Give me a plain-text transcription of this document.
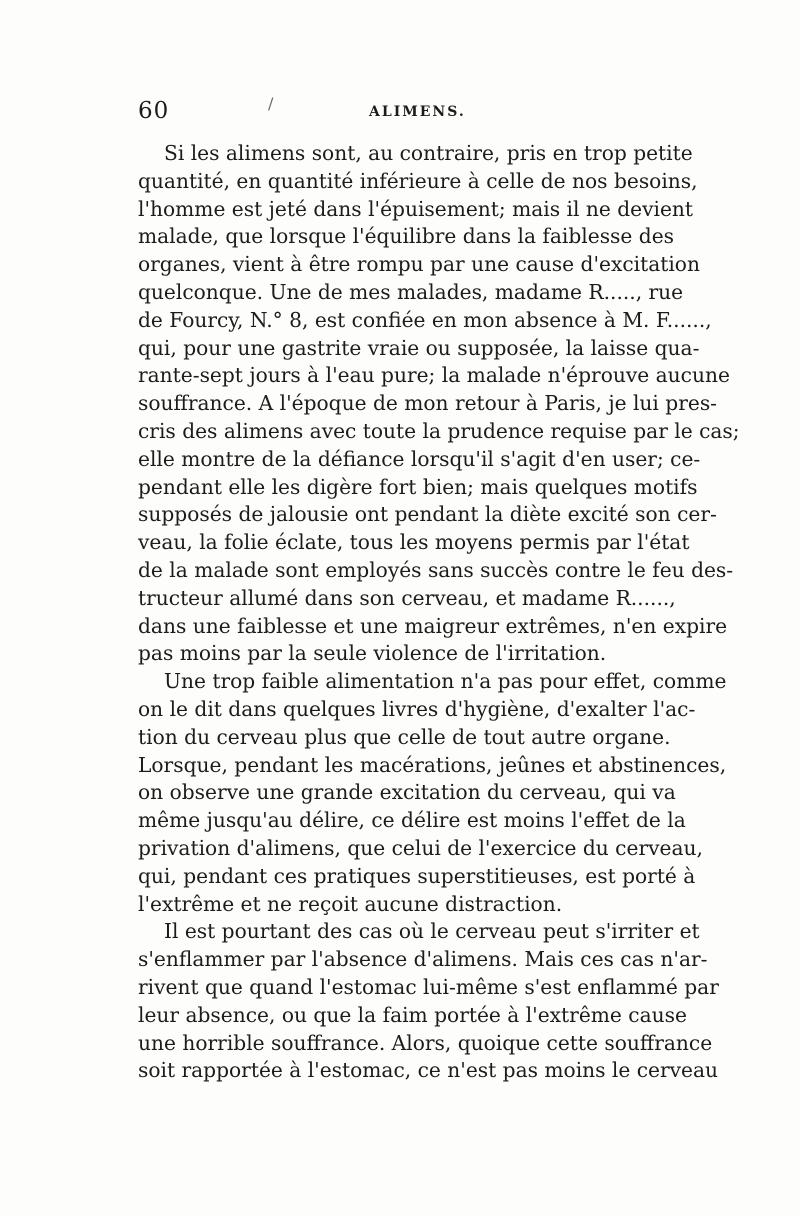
60	/	ALIMENS.
Si les alimens sont, au contraire, pris en trop petite
quantité, en quantité inférieure à celle de nos besoins,
l'homme est jeté dans l'épuisement; mais il ne devient
malade, que lorsque l'équilibre dans la faiblesse des
organes, vient à être rompu par une cause d'excitation
quelconque. Une de mes malades, madame R....., rue
de Fourcy, N.° 8, est confiée en mon absence à M. F......,
qui, pour une gastrite vraie ou supposée, la laisse qua-
rante-sept jours à l'eau pure; la malade n'éprouve aucune
souffrance. A l'époque de mon retour à Paris, je lui pres-
cris des alimens avec toute la prudence requise par le cas;
elle montre de la défiance lorsqu'il s'agit d'en user; ce-
pendant elle les digère fort bien; mais quelques motifs
supposés de jalousie ont pendant la diète excité son cer-
veau, la folie éclate, tous les moyens permis par l'état
de la malade sont employés sans succès contre le feu des-
tructeur allumé dans son cerveau, et madame R......,
dans une faiblesse et une maigreur extrêmes, n'en expire
pas moins par la seule violence de l'irritation.
Une trop faible alimentation n'a pas pour effet, comme
on le dit dans quelques livres d'hygiène, d'exalter l'ac-
tion du cerveau plus que celle de tout autre organe.
Lorsque, pendant les macérations, jeûnes et abstinences,
on observe une grande excitation du cerveau, qui va
même jusqu'au délire, ce délire est moins l'effet de la
privation d'alimens, que celui de l'exercice du cerveau,
qui, pendant ces pratiques superstitieuses, est porté à
l'extrême et ne reçoit aucune distraction.
Il est pourtant des cas où le cerveau peut s'irriter et
s'enflammer par l'absence d'alimens. Mais ces cas n'ar-
rivent que quand l'estomac lui-même s'est enflammé par
leur absence, ou que la faim portée à l'extrême cause
une horrible souffrance. Alors, quoique cette souffrance
soit rapportée à l'estomac, ce n'est pas moins le cerveau
